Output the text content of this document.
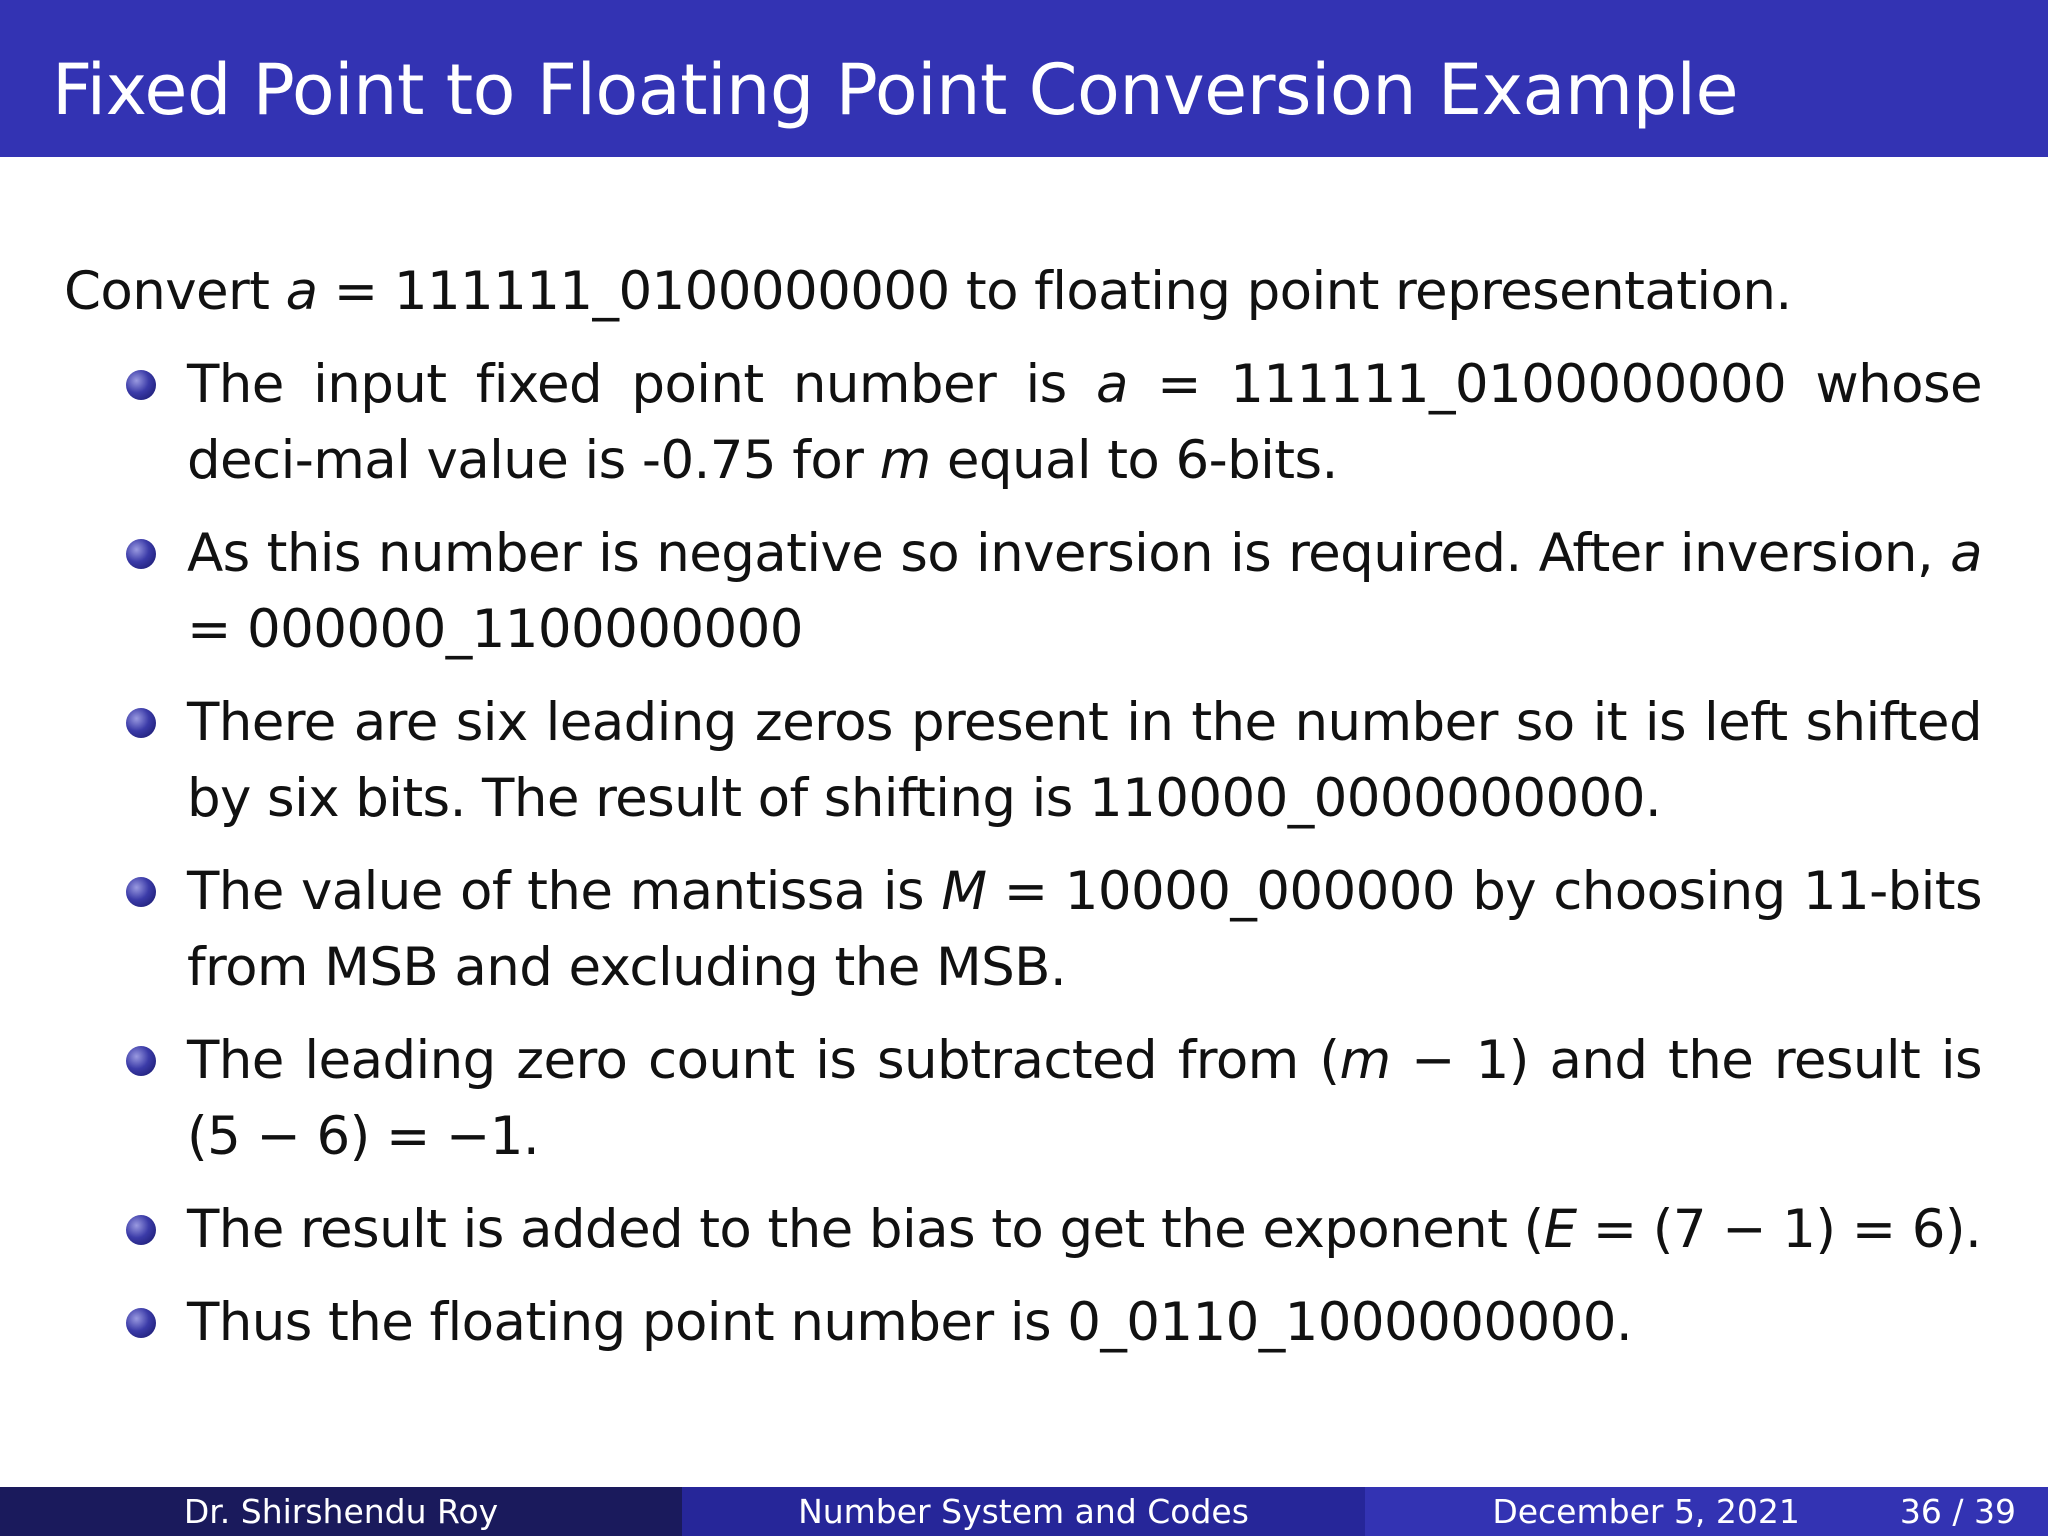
Fixed Point to Floating Point Conversion Example
Convert a = 111111_0100000000 to floating point representation.
The input fixed point number is a = 111111_0100000000 whose deci-mal value is -0.75 for m equal to 6-bits.
As this number is negative so inversion is required. After inversion, a = 000000_1100000000
There are six leading zeros present in the number so it is left shifted by six bits. The result of shifting is 110000_0000000000.
The value of the mantissa is M = 10000_000000 by choosing 11-bits from MSB and excluding the MSB.
The leading zero count is subtracted from (m − 1) and the result is (5 − 6) = −1.
The result is added to the bias to get the exponent (E = (7 − 1) = 6).
Thus the floating point number is 0_0110_1000000000.
Dr. Shirshendu Roy	Number System and Codes	December 5, 2021	36 / 39
